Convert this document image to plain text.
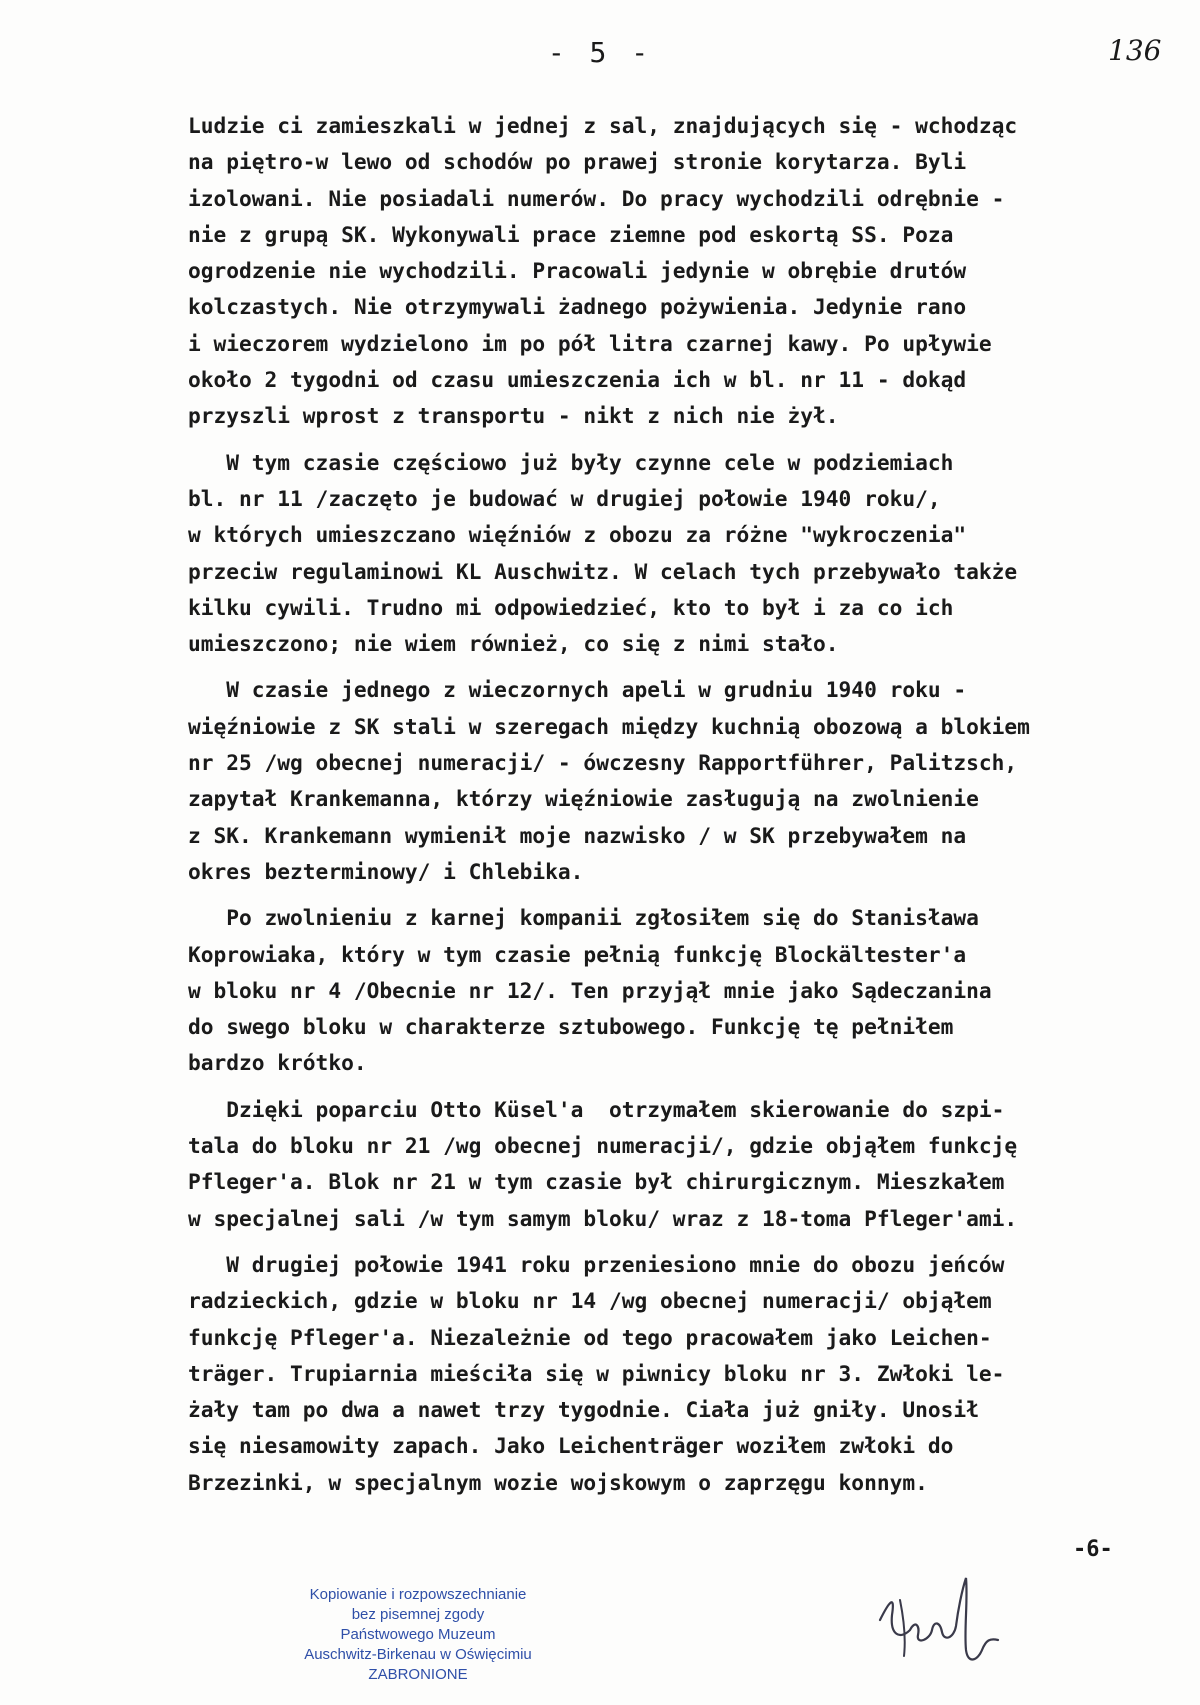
- 5 -	136
Ludzie ci zamieszkali w jednej z sal, znajdujących się - wchodząc
na piętro-w lewo od schodów po prawej stronie korytarza. Byli
izolowani. Nie posiadali numerów. Do pracy wychodzili odrębnie -
nie z grupą SK. Wykonywali prace ziemne pod eskortą SS. Poza
ogrodzenie nie wychodzili. Pracowali jedynie w obrębie drutów
kolczastych. Nie otrzymywali żadnego pożywienia. Jedynie rano
i wieczorem wydzielono im po pół litra czarnej kawy. Po upływie
około 2 tygodni od czasu umieszczenia ich w bl. nr 11 - dokąd
przyszli wprost z transportu - nikt z nich nie żył.
W tym czasie częściowo już były czynne cele w podziemiach
bl. nr 11 /zaczęto je budować w drugiej połowie 1940 roku/,
w których umieszczano więźniów z obozu za różne "wykroczenia"
przeciw regulaminowi KL Auschwitz. W celach tych przebywało także
kilku cywili. Trudno mi odpowiedzieć, kto to był i za co ich
umieszczono; nie wiem również, co się z nimi stało.
W czasie jednego z wieczornych apeli w grudniu 1940 roku -
więźniowie z SK stali w szeregach między kuchnią obozową a blokiem
nr 25 /wg obecnej numeracji/ - ówczesny Rapportführer, Palitzsch,
zapytał Krankemanna, którzy więźniowie zasługują na zwolnienie
z SK. Krankemann wymienił moje nazwisko / w SK przebywałem na
okres bezterminowy/ i Chlebika.
Po zwolnieniu z karnej kompanii zgłosiłem się do Stanisława
Koprowiaka, który w tym czasie pełnią funkcję Blockältester'a
w bloku nr 4 /Obecnie nr 12/. Ten przyjął mnie jako Sądeczanina
do swego bloku w charakterze sztubowego. Funkcję tę pełniłem
bardzo krótko.
Dzięki poparciu Otto Küsel'a  otrzymałem skierowanie do szpi-
tala do bloku nr 21 /wg obecnej numeracji/, gdzie objąłem funkcję
Pfleger'a. Blok nr 21 w tym czasie był chirurgicznym. Mieszkałem
w specjalnej sali /w tym samym bloku/ wraz z 18-toma Pfleger'ami.
W drugiej połowie 1941 roku przeniesiono mnie do obozu jeńców
radzieckich, gdzie w bloku nr 14 /wg obecnej numeracji/ objąłem
funkcję Pfleger'a. Niezależnie od tego pracowałem jako Leichen-
träger. Trupiarnia mieściła się w piwnicy bloku nr 3. Zwłoki le-
żały tam po dwa a nawet trzy tygodnie. Ciała już gniły. Unosił
się niesamowity zapach. Jako Leichenträger woziłem zwłoki do
Brzezinki, w specjalnym wozie wojskowym o zaprzęgu konnym.
-6-
Kopiowanie i rozpowszechnianie
bez pisemnej zgody
Państwowego Muzeum
Auschwitz-Birkenau w Oświęcimiu
ZABRONIONE
